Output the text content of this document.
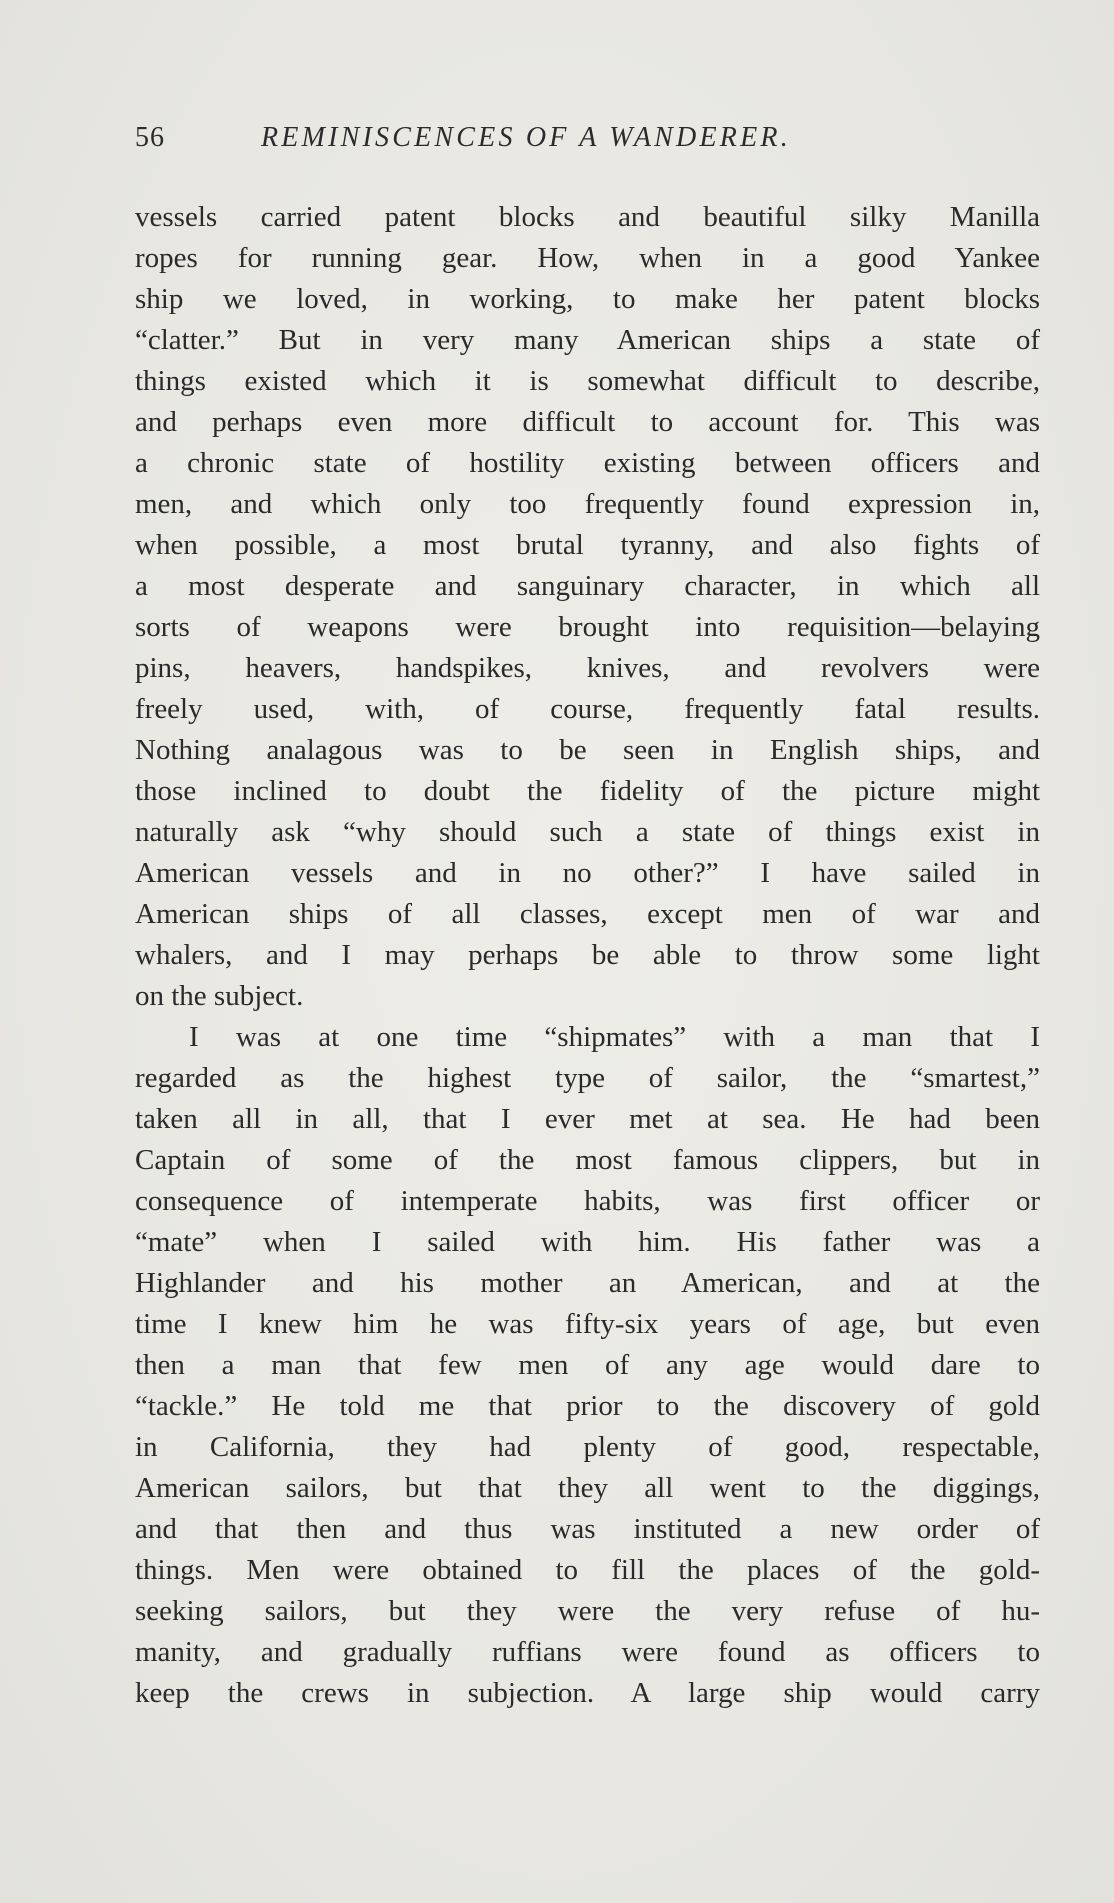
56	REMINISCENCES OF A WANDERER.
vessels carried patent blocks and beautiful silky Manilla
ropes for running gear. How, when in a good Yankee
ship we loved, in working, to make her patent blocks
“clatter.” But in very many American ships a state of
things existed which it is somewhat difficult to describe,
and perhaps even more difficult to account for. This was
a chronic state of hostility existing between officers and
men, and which only too frequently found expression in,
when possible, a most brutal tyranny, and also fights of
a most desperate and sanguinary character, in which all
sorts of weapons were brought into requisition—belaying
pins, heavers, handspikes, knives, and revolvers were
freely used, with, of course, frequently fatal results.
Nothing analagous was to be seen in English ships, and
those inclined to doubt the fidelity of the picture might
naturally ask “why should such a state of things exist in
American vessels and in no other?” I have sailed in
American ships of all classes, except men of war and
whalers, and I may perhaps be able to throw some light
on the subject.
I was at one time “shipmates” with a man that I
regarded as the highest type of sailor, the “smartest,”
taken all in all, that I ever met at sea. He had been
Captain of some of the most famous clippers, but in
consequence of intemperate habits, was first officer or
“mate” when I sailed with him. His father was a
Highlander and his mother an American, and at the
time I knew him he was fifty-six years of age, but even
then a man that few men of any age would dare to
“tackle.” He told me that prior to the discovery of gold
in California, they had plenty of good, respectable,
American sailors, but that they all went to the diggings,
and that then and thus was instituted a new order of
things. Men were obtained to fill the places of the gold-
seeking sailors, but they were the very refuse of hu-
manity, and gradually ruffians were found as officers to
keep the crews in subjection. A large ship would carry
